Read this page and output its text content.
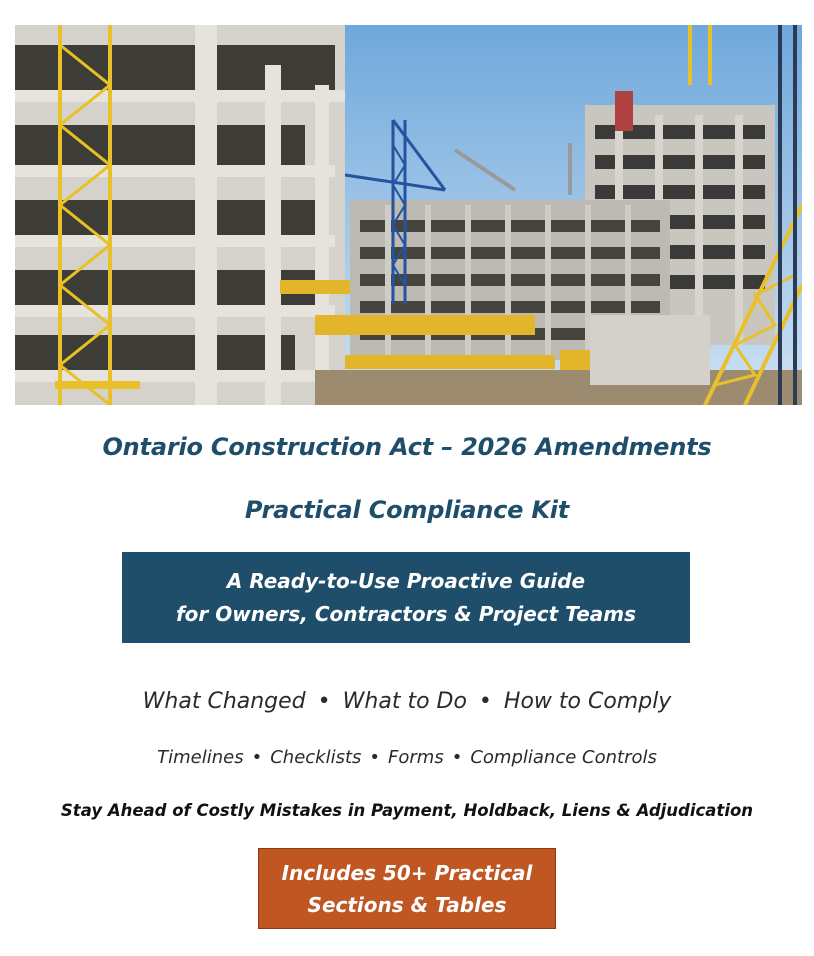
Ontario Construction Act – 2026 Amendments
Practical Compliance Kit
A Ready-to-Use Proactive Guide
for Owners, Contractors & Project Teams
What Changed • What to Do • How to Comply
Timelines • Checklists • Forms • Compliance Controls
Stay Ahead of Costly Mistakes in Payment, Holdback, Liens & Adjudication
Includes 50+ Practical
Sections & Tables
